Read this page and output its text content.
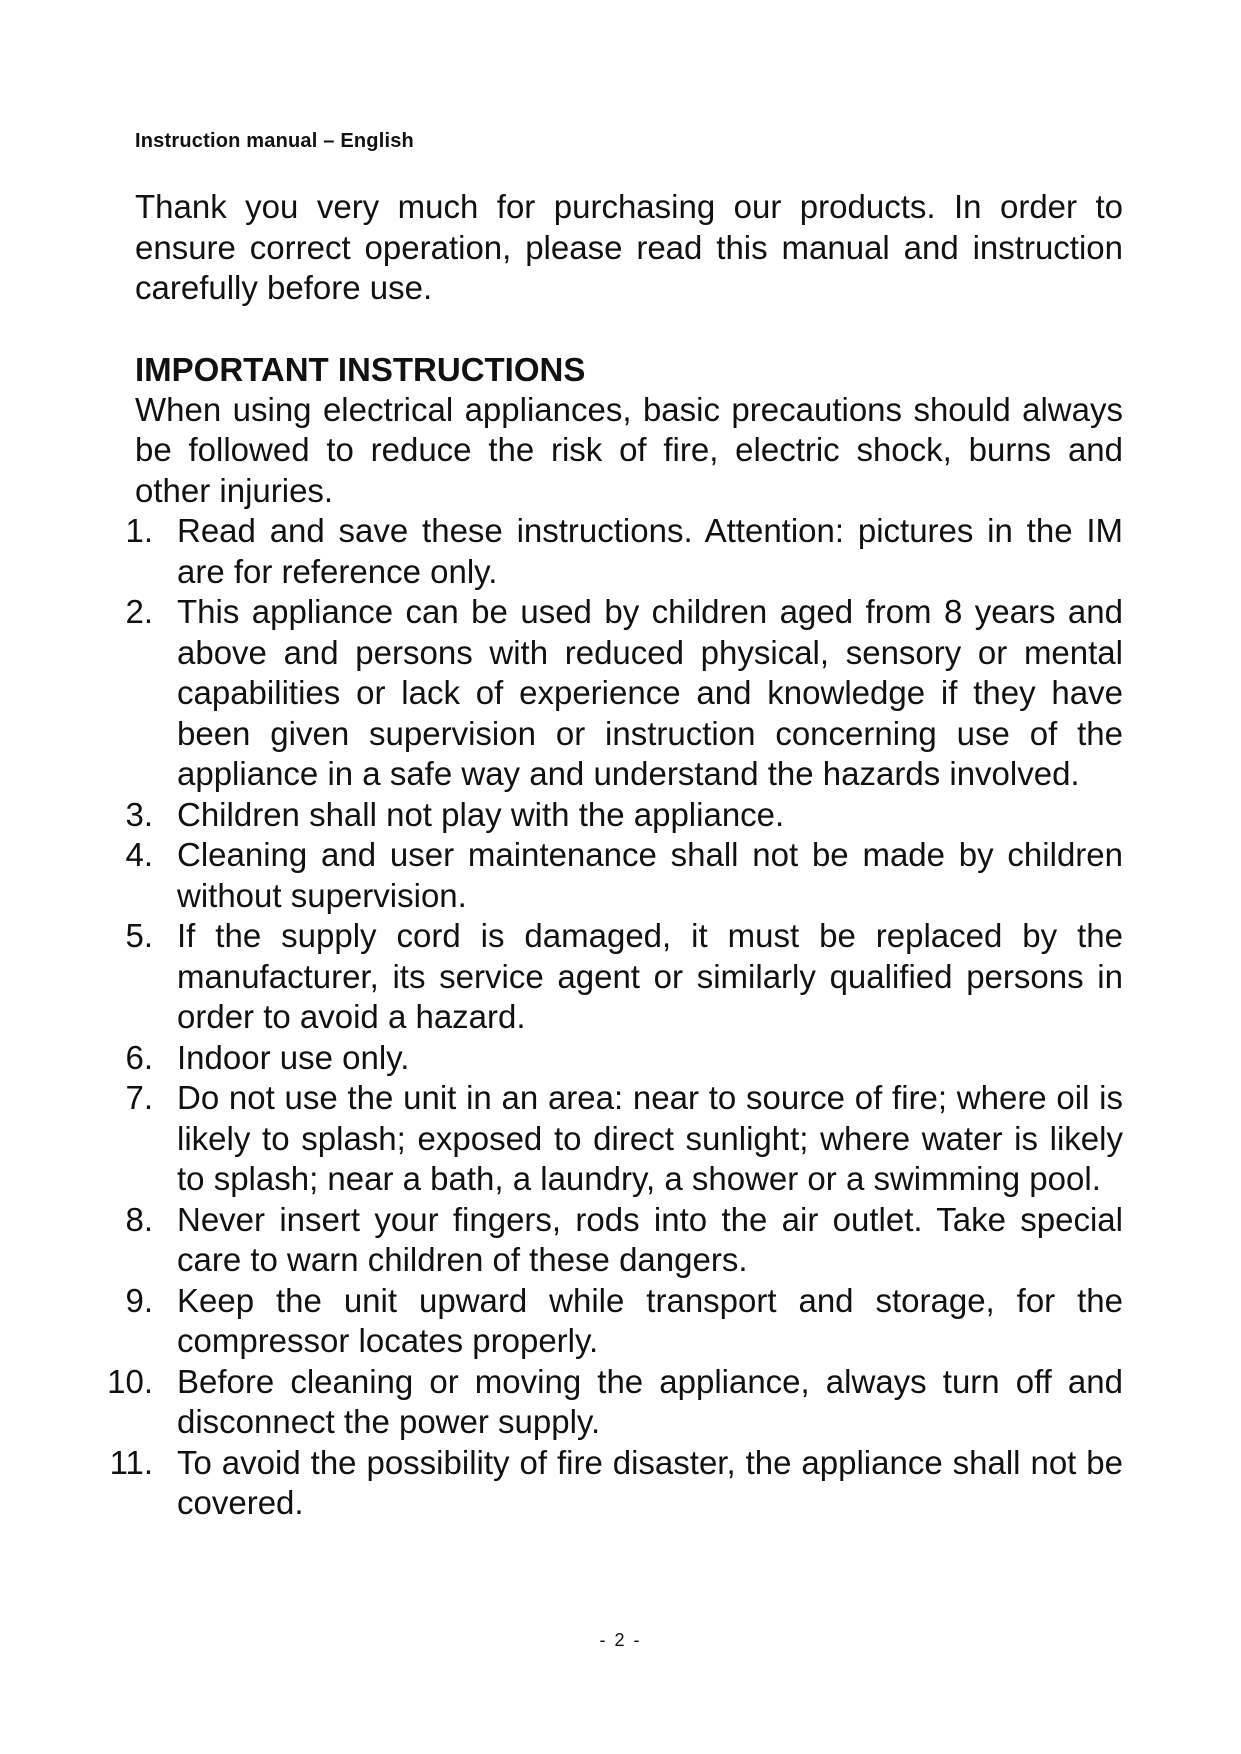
Instruction manual – English

Thank you very much for purchasing our products. In order to ensure correct operation, please read this manual and instruction carefully before use.

IMPORTANT INSTRUCTIONS

When using electrical appliances, basic precautions should always be followed to reduce the risk of fire, electric shock, burns and other injuries.

1. Read and save these instructions. Attention: pictures in the IM are for reference only.
2. This appliance can be used by children aged from 8 years and above and persons with reduced physical, sensory or mental capabilities or lack of experience and knowledge if they have been given supervision or instruction concerning use of the appliance in a safe way and understand the hazards involved.
3. Children shall not play with the appliance.
4. Cleaning and user maintenance shall not be made by children without supervision.
5. If the supply cord is damaged, it must be replaced by the manufacturer, its service agent or similarly qualified persons in order to avoid a hazard.
6. Indoor use only.
7. Do not use the unit in an area: near to source of fire; where oil is likely to splash; exposed to direct sunlight; where water is likely to splash; near a bath, a laundry, a shower or a swimming pool.
8. Never insert your fingers, rods into the air outlet. Take special care to warn children of these dangers.
9. Keep the unit upward while transport and storage, for the compressor locates properly.
10. Before cleaning or moving the appliance, always turn off and disconnect the power supply.
11. To avoid the possibility of fire disaster, the appliance shall not be covered.
- 2 -
